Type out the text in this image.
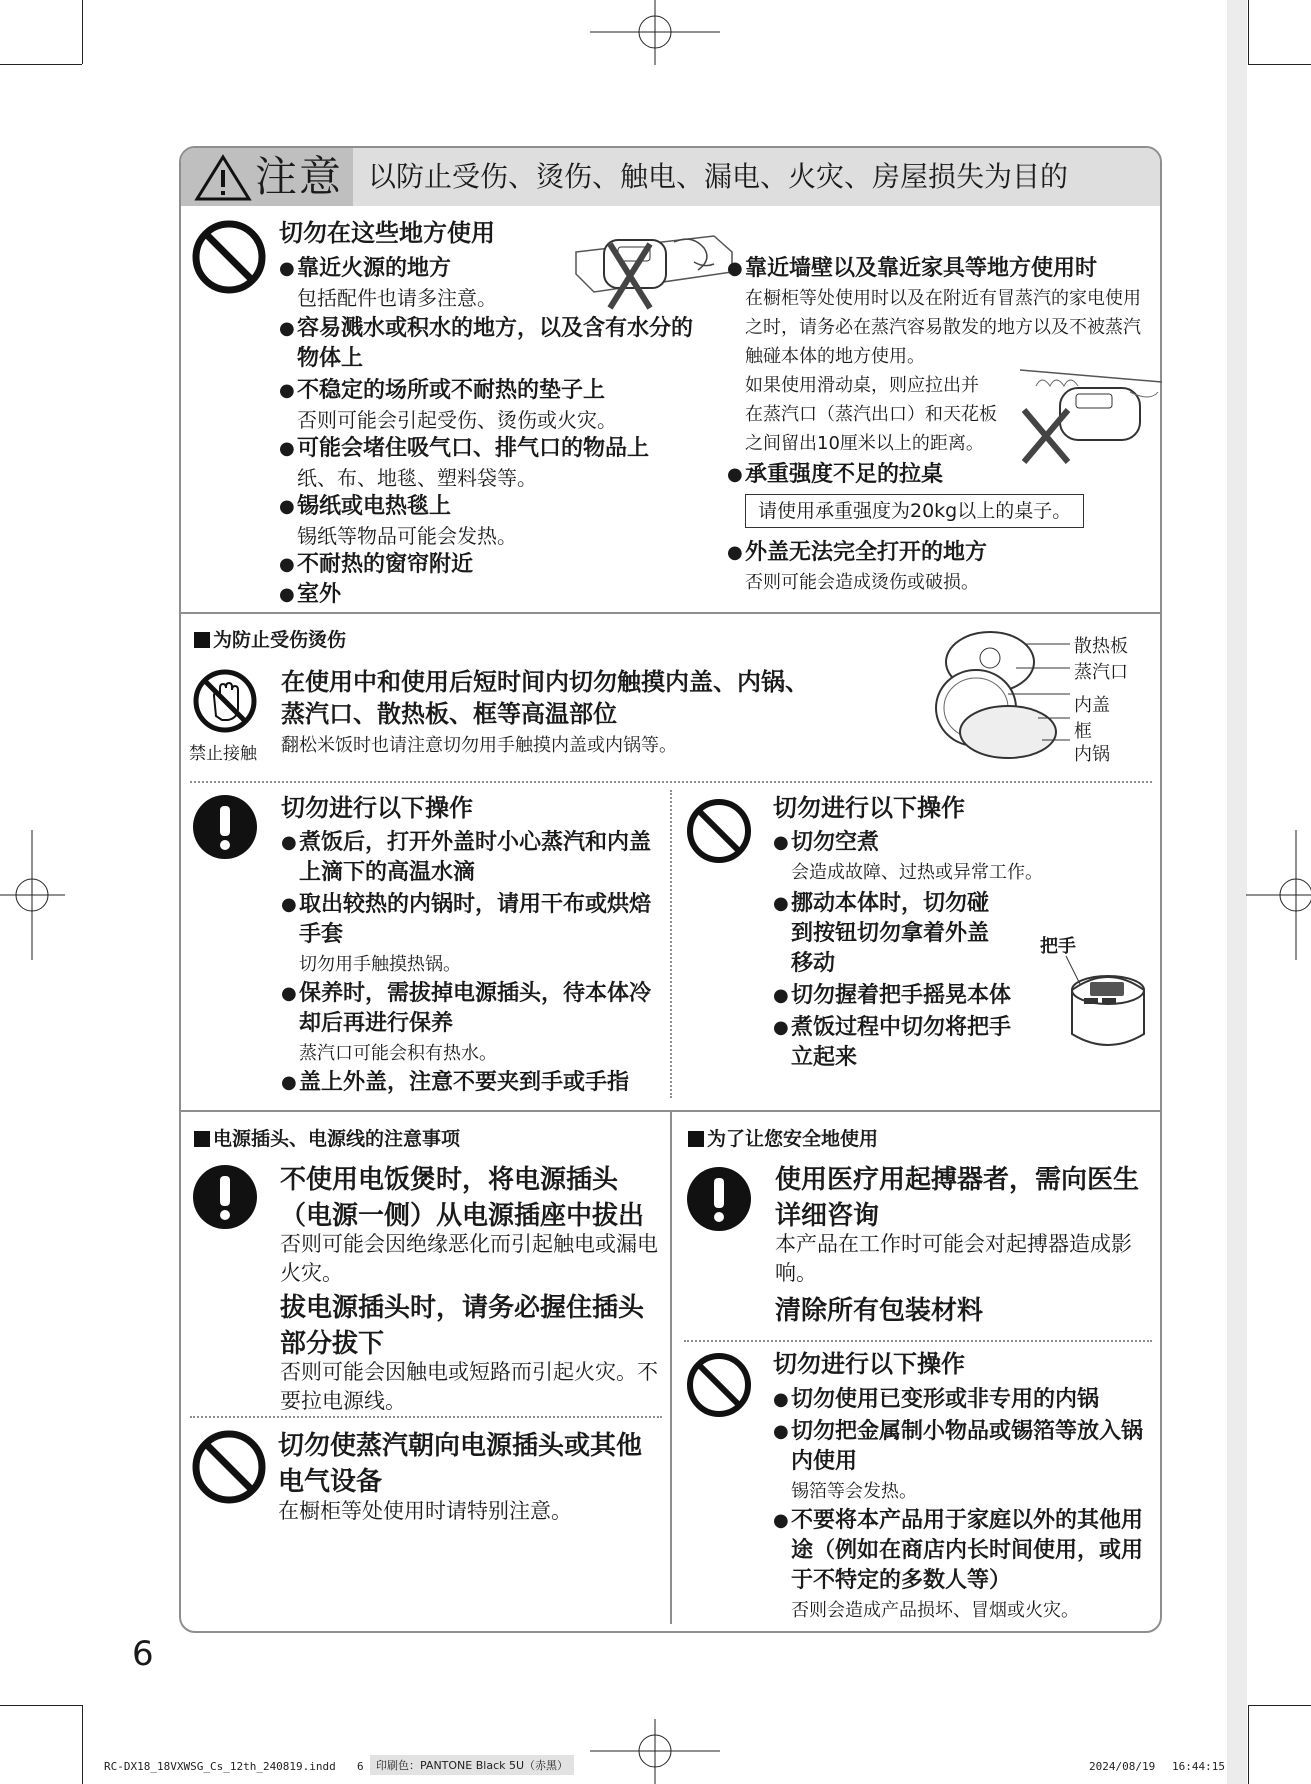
注意 以防止受伤、烫伤、触电、漏电、火灾、房屋损失为目的
切勿在这些地方使用
● 靠近火源的地方
包括配件也请多注意。
● 容易溅水或积水的地方，以及含有水分的物体上
● 不稳定的场所或不耐热的垫子上
否则可能会引起受伤、烫伤或火灾。
● 可能会堵住吸气口、排气口的物品上
纸、布、地毯、塑料袋等。
● 锡纸或电热毯上
锡纸等物品可能会发热。
● 不耐热的窗帘附近
● 室外
● 靠近墙壁以及靠近家具等地方使用时
在橱柜等处使用时以及在附近有冒蒸汽的家电使用之时，请务必在蒸汽容易散发的地方以及不被蒸汽触碰本体的地方使用。
如果使用滑动桌，则应拉出并
在蒸汽口（蒸汽出口）和天花板
之间留出10厘米以上的距离。
● 承重强度不足的拉桌
请使用承重强度为20kg以上的桌子。
● 外盖无法完全打开的地方
否则可能会造成烫伤或破损。
为防止受伤烫伤
禁止接触
在使用中和使用后短时间内切勿触摸内盖、内锅、
蒸汽口、散热板、框等高温部位
翻松米饭时也请注意切勿用手触摸内盖或内锅等。
散热板
蒸汽口
内盖
框
内锅
切勿进行以下操作
● 煮饭后，打开外盖时小心蒸汽和内盖上滴下的高温水滴
● 取出较热的内锅时，请用干布或烘焙手套
切勿用手触摸热锅。
● 保养时，需拔掉电源插头，待本体冷却后再进行保养
蒸汽口可能会积有热水。
● 盖上外盖，注意不要夹到手或手指
切勿进行以下操作
● 切勿空煮
会造成故障、过热或异常工作。
● 挪动本体时，切勿碰到按钮切勿拿着外盖移动
● 切勿握着把手摇晃本体
● 煮饭过程中切勿将把手立起来
把手
电源插头、电源线的注意事项
不使用电饭煲时，将电源插头（电源一侧）从电源插座中拔出
否则可能会因绝缘恶化而引起触电或漏电火灾。
拔电源插头时，请务必握住插头部分拔下
否则可能会因触电或短路而引起火灾。不要拉电源线。
切勿使蒸汽朝向电源插头或其他电气设备
在橱柜等处使用时请特别注意。
为了让您安全地使用
使用医疗用起搏器者，需向医生详细咨询
本产品在工作时可能会对起搏器造成影响。
清除所有包装材料
切勿进行以下操作
● 切勿使用已变形或非专用的内锅
● 切勿把金属制小物品或锡箔等放入锅内使用
锡箔等会发热。
● 不要将本产品用于家庭以外的其他用途（例如在商店内长时间使用，或用于不特定的多数人等）
否则会造成产品损坏、冒烟或火灾。
6
RC-DX18_18VXWSG_Cs_12th_240819.indd 6	印刷色：PANTONE Black 5U（赤黑）	2024/08/19 16:44:15
